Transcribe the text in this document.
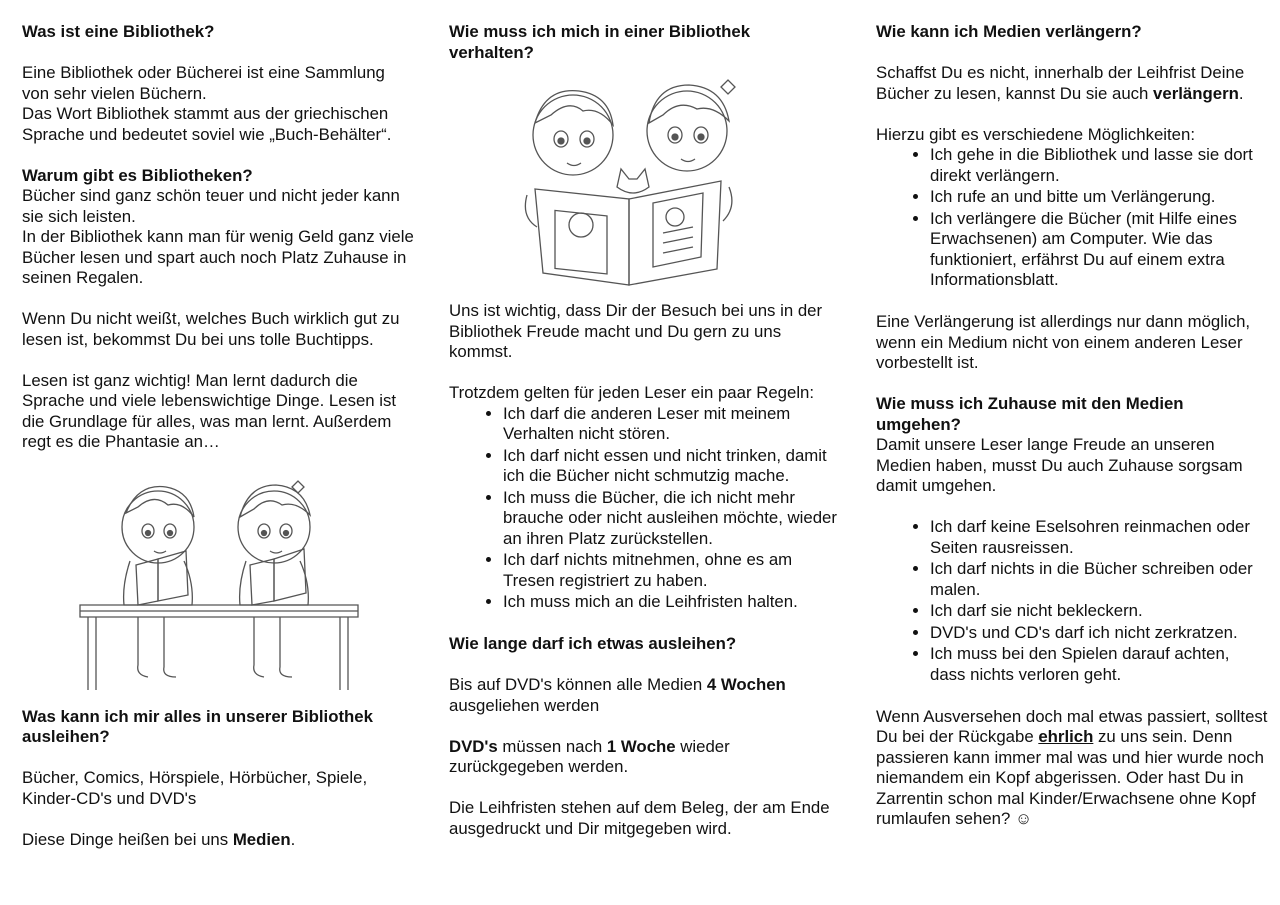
Was ist eine Bibliothek?

Eine Bibliothek oder Bücherei ist eine Sammlung von sehr vielen Büchern.

Das Wort Bibliothek stammt aus der griechischen Sprache und bedeutet soviel wie „Buch-Behälter“.

Warum gibt es Bibliotheken?

Bücher sind ganz schön teuer und nicht jeder kann sie sich leisten.

In der Bibliothek kann man für wenig Geld ganz viele Bücher lesen und spart auch noch Platz Zuhause in seinen Regalen.

Wenn Du nicht weißt, welches Buch wirklich gut zu lesen ist, bekommst Du bei uns tolle Buchtipps.

Lesen ist ganz wichtig! Man lernt dadurch die Sprache und viele lebenswichtige Dinge. Lesen ist die Grundlage für alles, was man lernt. Außerdem regt es die Phantasie an…

Was kann ich mir alles in unserer Bibliothek ausleihen?

Bücher, Comics, Hörspiele, Hörbücher, Spiele, Kinder-CD's und DVD's

Diese Dinge heißen bei uns Medien.

Wie muss ich mich in einer Bibliothek verhalten?

Uns ist wichtig, dass Dir der Besuch bei uns in der Bibliothek Freude macht und Du gern zu uns kommst.

Trotzdem gelten für jeden Leser ein paar Regeln:

• Ich darf die anderen Leser mit meinem Verhalten nicht stören.
• Ich darf nicht essen und nicht trinken, damit ich die Bücher nicht schmutzig mache.
• Ich muss die Bücher, die ich nicht mehr brauche oder nicht ausleihen möchte, wieder an ihren Platz zurückstellen.
• Ich darf nichts mitnehmen, ohne es am Tresen registriert zu haben.
• Ich muss mich an die Leihfristen halten.
Wie lange darf ich etwas ausleihen?

Bis auf DVD's können alle Medien 4 Wochen ausgeliehen werden

DVD's müssen nach 1 Woche wieder zurückgegeben werden.

Die Leihfristen stehen auf dem Beleg, der am Ende ausgedruckt und Dir mitgegeben wird.

Wie kann ich Medien verlängern?

Schaffst Du es nicht, innerhalb der Leihfrist Deine Bücher zu lesen, kannst Du sie auch verlängern.

Hierzu gibt es verschiedene Möglichkeiten:

• Ich gehe in die Bibliothek und lasse sie dort direkt verlängern.
• Ich rufe an und bitte um Verlängerung.
• Ich verlängere die Bücher (mit Hilfe eines Erwachsenen) am Computer. Wie das funktioniert, erfährst Du auf einem extra Informationsblatt.

Eine Verlängerung ist allerdings nur dann möglich, wenn ein Medium nicht von einem anderen Leser vorbestellt ist.

Wie muss ich Zuhause mit den Medien umgehen?

Damit unsere Leser lange Freude an unseren Medien haben, musst Du auch Zuhause sorgsam damit umgehen.

• Ich darf keine Eselsohren reinmachen oder Seiten rausreissen.
• Ich darf nichts in die Bücher schreiben oder malen.
• Ich darf sie nicht bekleckern.
• DVD's und CD's darf ich nicht zerkratzen.
• Ich muss bei den Spielen darauf achten, dass nichts verloren geht.

Wenn Ausversehen doch mal etwas passiert, solltest Du bei der Rückgabe ehrlich zu uns sein. Denn passieren kann immer mal was und hier wurde noch niemandem ein Kopf abgerissen. Oder hast Du in Zarrentin schon mal Kinder/Erwachsene ohne Kopf rumlaufen sehen? ☺
